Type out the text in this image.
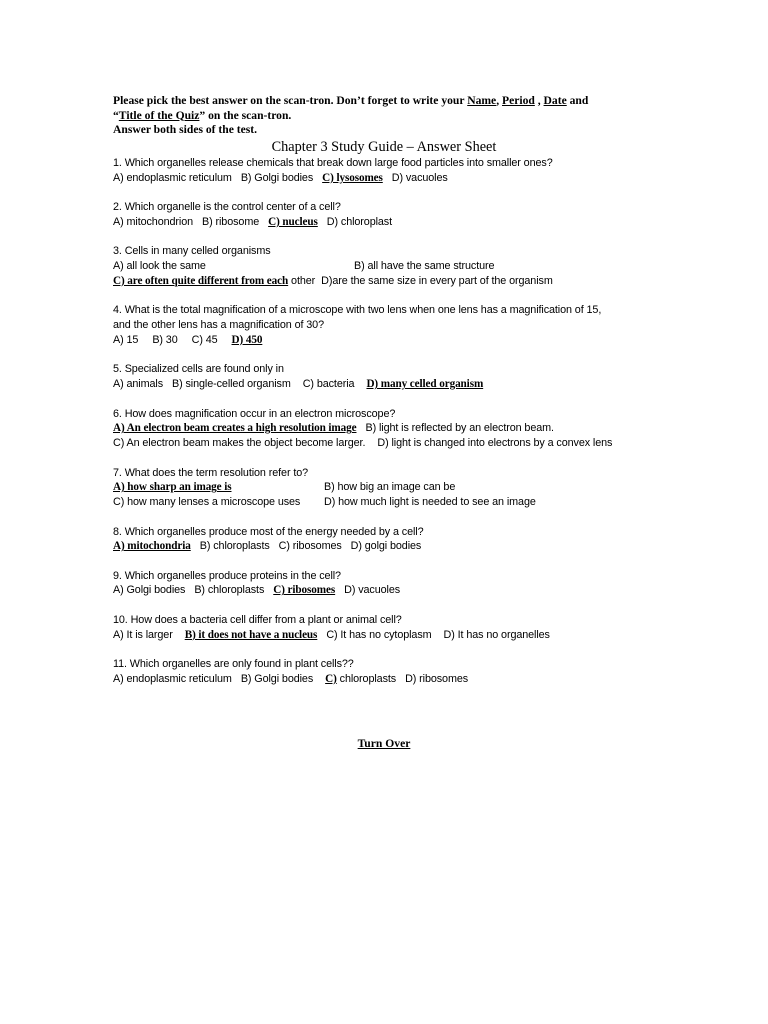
Please pick the best answer on the scan-tron. Don’t forget to write your Name, Period , Date and
“Title of the Quiz” on the scan-tron.
Answer both sides of the test.
Chapter 3 Study Guide – Answer Sheet
1. Which organelles release chemicals that break down large food particles into smaller ones?
A) endoplasmic reticulum B) Golgi bodies C) lysosomes D) vacuoles
2. Which organelle is the control center of a cell?
A) mitochondrion B) ribosome C) nucleus D) chloroplast
3. Cells in many celled organisms
A) all look the same	B) all have the same structure
C) are often quite different from each other D)are the same size in every part of the organism
4. What is the total magnification of a microscope with two lens when one lens has a magnification of 15,
and the other lens has a magnification of 30?
A) 15 B) 30 C) 45 D) 450
5. Specialized cells are found only in
A) animals B) single-celled organism C) bacteria D) many celled organism
6. How does magnification occur in an electron microscope?
A) An electron beam creates a high resolution image B) light is reflected by an electron beam.
C) An electron beam makes the object become larger. D) light is changed into electrons by a convex lens
7. What does the term resolution refer to?
A) how sharp an image is	B) how big an image can be
C) how many lenses a microscope uses D) how much light is needed to see an image
8. Which organelles produce most of the energy needed by a cell?
A) mitochondria B) chloroplasts C) ribosomes D) golgi bodies
9. Which organelles produce proteins in the cell?
A) Golgi bodies B) chloroplasts C) ribosomes D) vacuoles
10. How does a bacteria cell differ from a plant or animal cell?
A) It is larger B) it does not have a nucleus C) It has no cytoplasm D) It has no organelles
11. Which organelles are only found in plant cells??
A) endoplasmic reticulum B) Golgi bodies C) chloroplasts D) ribosomes
Turn Over
